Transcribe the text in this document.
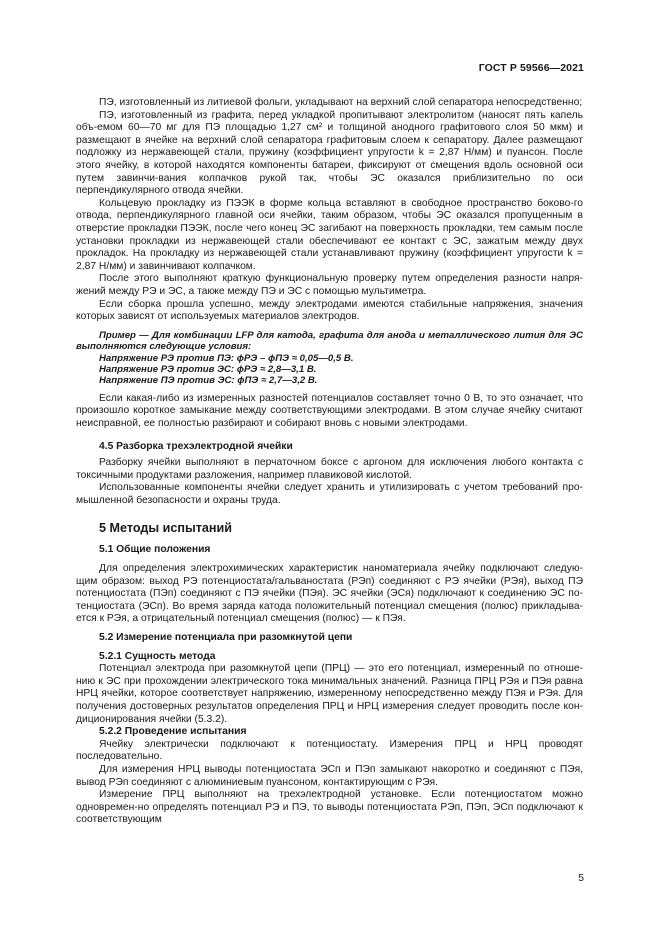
ГОСТ Р 59566—2021

ПЭ, изготовленный из литиевой фольги, укладывают на верхний слой сепаратора непосредственно;

ПЭ, изготовленный из графита, перед укладкой пропитывают электролитом (наносят пять капель объ-емом 60—70 мг для ПЭ площадью 1,27 см² и толщиной анодного графитового слоя 50 мкм) и размещают в ячейке на верхний слой сепаратора графитовым слоем к сепаратору. Далее размещают подложку из нержавеющей стали, пружину (коэффициент упругости k = 2,87 Н/мм) и пуансон. После этого ячейку, в которой находятся компоненты батареи, фиксируют от смещения вдоль основной оси путем завинчи-вания колпачков рукой так, чтобы ЭС оказался приблизительно по оси перпендикулярного отвода ячейки.

Кольцевую прокладку из ПЭЭК в форме кольца вставляют в свободное пространство боково-го отвода, перпендикулярного главной оси ячейки, таким образом, чтобы ЭС оказался пропущенным в отверстие прокладки ПЭЭК, после чего конец ЭС загибают на поверхность прокладки, тем самым после установки прокладки из нержавеющей стали обеспечивают ее контакт с ЭС, зажатым между двух прокладок. На прокладку из нержавеющей стали устанавливают пружину (коэффициент упругости k = 2,87 Н/мм) и завинчивают колпачком.

После этого выполняют краткую функциональную проверку путем определения разности напря-жений между РЭ и ЭС, а также между ПЭ и ЭС с помощью мультиметра.

Если сборка прошла успешно, между электродами имеются стабильные напряжения, значения которых зависят от используемых материалов электродов.

Пример — Для комбинации LFP для катода, графита для анода и металлического лития для ЭС выполняются следующие условия:

Напряжение РЭ против ПЭ: ϕРЭ – ϕПЭ ≈ 0,05—0,5 В.

Напряжение РЭ против ЭС: ϕРЭ ≈ 2,8—3,1 В.

Напряжение ПЭ против ЭС: ϕПЭ ≈ 2,7—3,2 В.

Если какая-либо из измеренных разностей потенциалов составляет точно 0 В, то это означает, что произошло короткое замыкание между соответствующими электродами. В этом случае ячейку считают неисправной, ее полностью разбирают и собирают вновь с новыми электродами.

4.5 Разборка трехэлектродной ячейки

Разборку ячейки выполняют в перчаточном боксе с аргоном для исключения любого контакта с токсичными продуктами разложения, например плавиковой кислотой.

Использованные компоненты ячейки следует хранить и утилизировать с учетом требований про-мышленной безопасности и охраны труда.

5 Методы испытаний
5.1 Общие положения

Для определения электрохимических характеристик наноматериала ячейку подключают следую-щим образом: выход РЭ потенциостата/гальваностата (РЭп) соединяют с РЭ ячейки (РЭя), выход ПЭ потенциостата (ПЭп) соединяют с ПЭ ячейки (ПЭя). ЭС ячейки (ЭСя) подключают к соединению ЭС по-тенциостата (ЭСп). Во время заряда катода положительный потенциал смещения (полюс) прикладыва-ется к РЭя, а отрицательный потенциал смещения (полюс) — к ПЭя.

5.2 Измерение потенциала при разомкнутой цепи
5.2.1 Сущность метода

Потенциал электрода при разомкнутой цепи (ПРЦ) — это его потенциал, измеренный по отноше-нию к ЭС при прохождении электрического тока минимальных значений. Разница ПРЦ РЭя и ПЭя равна НРЦ ячейки, которое соответствует напряжению, измеренному непосредственно между ПЭя и РЭя. Для получения достоверных результатов определения ПРЦ и НРЦ измерения следует проводить после кон-диционирования ячейки (5.3.2).

5.2.2 Проведение испытания

Ячейку электрически подключают к потенциостату. Измерения ПРЦ и НРЦ проводят последовательно.

Для измерения НРЦ выводы потенциостата ЭСп и ПЭп замыкают накоротко и соединяют с ПЭя, вывод РЭп соединяют с алюминиевым пуансоном, контактирующим с РЭя.

Измерение ПРЦ выполняют на трехэлектродной установке. Если потенциостатом можно одновремен-но определять потенциал РЭ и ПЭ, то выводы потенциостата РЭп, ПЭп, ЭСп подключают к соответствующим

5
